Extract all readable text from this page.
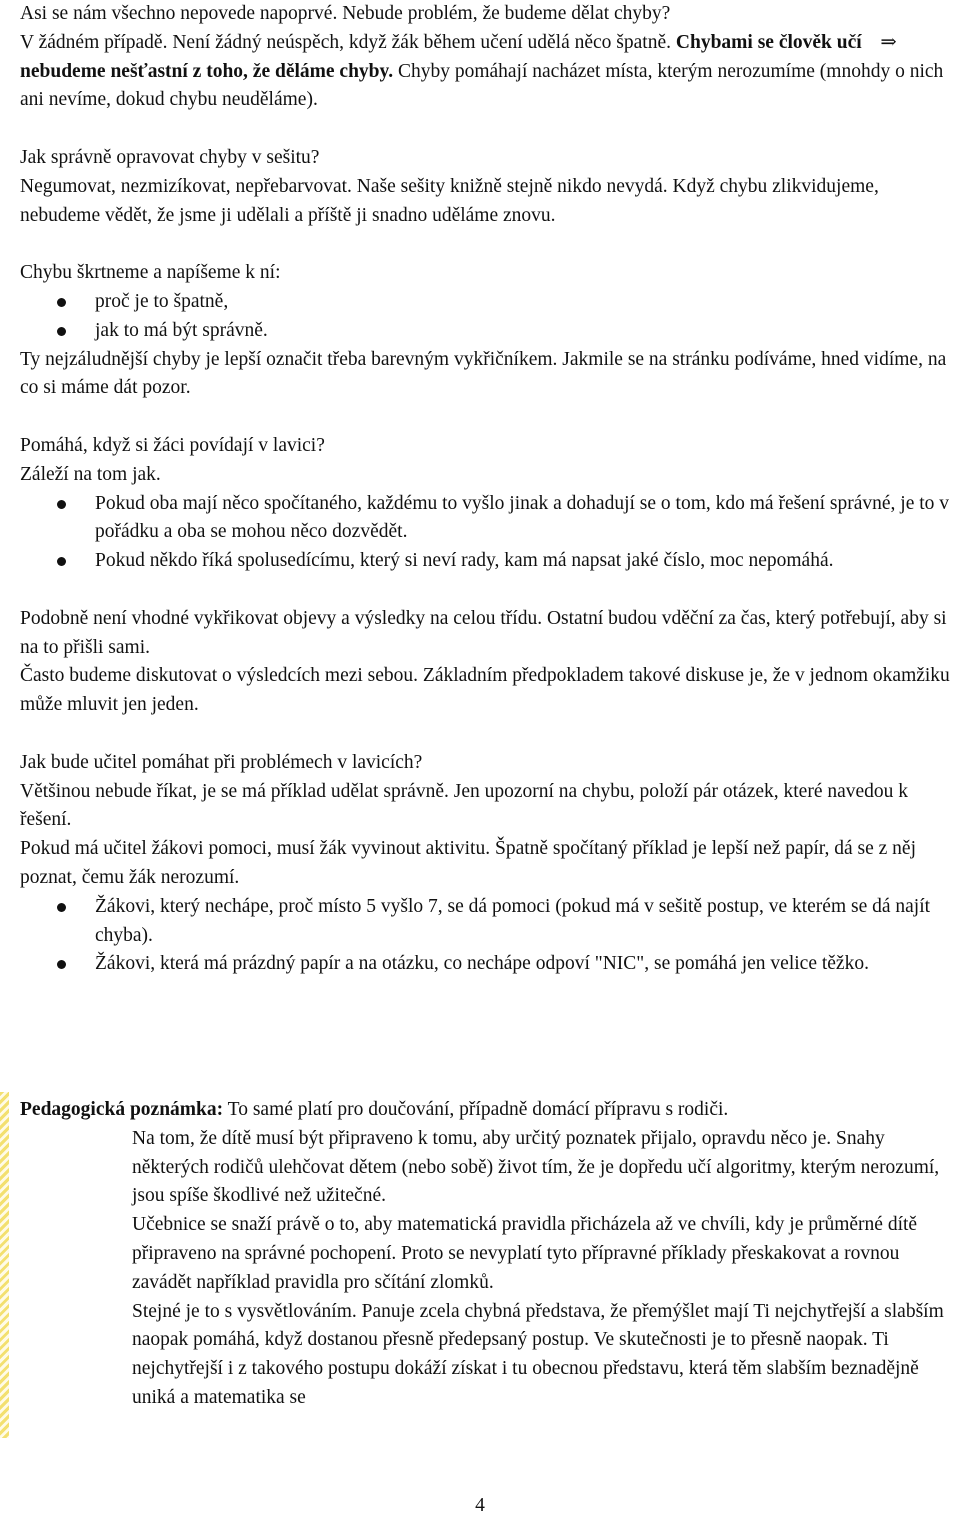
Asi se nám všechno nepovede napoprvé. Nebude problém, že budeme dělat chyby?

V žádném případě. Není žádný neúspěch, když žák během učení udělá něco špatně. Chybami se člověk učí ⇒ nebudeme nešťastní z toho, že děláme chyby. Chyby pomáhají nacházet místa, kterým nerozumíme (mnohdy o nich ani nevíme, dokud chybu neuděláme).

Jak správně opravovat chyby v sešitu?

Negumovat, nezmizíkovat, nepřebarvovat. Naše sešity knižně stejně nikdo nevydá. Když chybu zlikvidujeme, nebudeme vědět, že jsme ji udělali a příště ji snadno uděláme znovu.

Chybu škrtneme a napíšeme k ní:

proč je to špatně,
jak to má být správně.

Ty nejzáludnější chyby je lepší označit třeba barevným vykřičníkem. Jakmile se na stránku podíváme, hned vidíme, na co si máme dát pozor.

Pomáhá, když si žáci povídají v lavici?

Záleží na tom jak.

Pokud oba mají něco spočítaného, každému to vyšlo jinak a dohadují se o tom, kdo má řešení správné, je to v pořádku a oba se mohou něco dozvědět.
Pokud někdo říká spolusedícímu, který si neví rady, kam má napsat jaké číslo, moc nepomáhá.

Podobně není vhodné vykřikovat objevy a výsledky na celou třídu. Ostatní budou vděční za čas, který potřebují, aby si na to přišli sami.

Často budeme diskutovat o výsledcích mezi sebou. Základním předpokladem takové diskuse je, že v jednom okamžiku může mluvit jen jeden.

Jak bude učitel pomáhat při problémech v lavicích?

Většinou nebude říkat, je se má příklad udělat správně. Jen upozorní na chybu, položí pár otázek, které navedou k řešení.

Pokud má učitel žákovi pomoci, musí žák vyvinout aktivitu. Špatně spočítaný příklad je lepší než papír, dá se z něj poznat, čemu žák nerozumí.

Žákovi, který nechápe, proč místo 5 vyšlo 7, se dá pomoci (pokud má v sešitě postup, ve kterém se dá najít chyba).
Žákovi, která má prázdný papír a na otázku, co nechápe odpoví "NIC", se pomáhá jen velice těžko.

Pedagogická poznámka: To samé platí pro doučování, případně domácí přípravu s rodiči.

Na tom, že dítě musí být připraveno k tomu, aby určitý poznatek přijalo, opravdu něco je. Snahy některých rodičů ulehčovat dětem (nebo sobě) život tím, že je dopředu učí algoritmy, kterým nerozumí, jsou spíše škodlivé než užitečné.

Učebnice se snaží právě o to, aby matematická pravidla přicházela až ve chvíli, kdy je průměrné dítě připraveno na správné pochopení. Proto se nevyplatí tyto přípravné příklady přeskakovat a rovnou zavádět například pravidla pro sčítání zlomků.

Stejné je to s vysvětlováním. Panuje zcela chybná představa, že přemýšlet mají Ti nejchytřejší a slabším naopak pomáhá, když dostanou přesně předepsaný postup. Ve skutečnosti je to přesně naopak. Ti nejchytřejší i z takového postupu dokáží získat i tu obecnou představu, která těm slabším beznadějně uniká a matematika se

4
